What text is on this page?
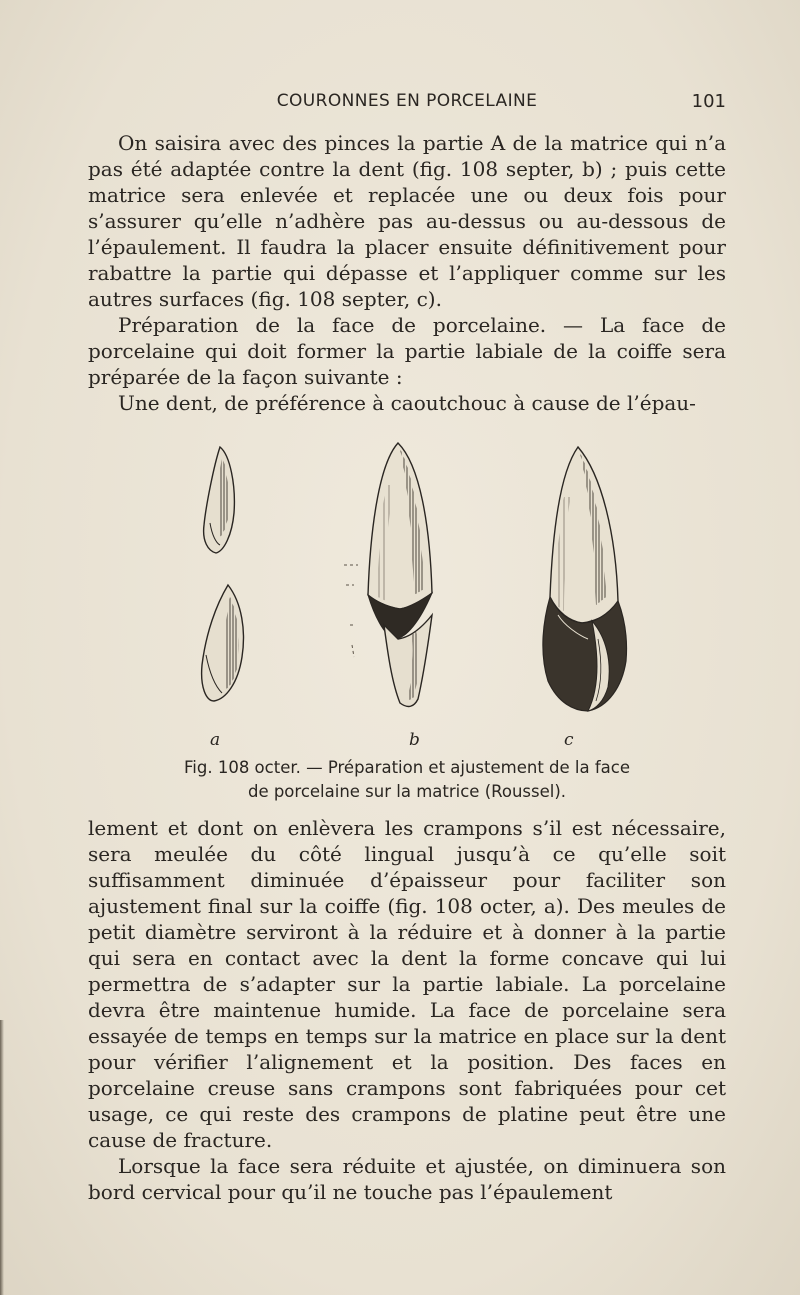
COURONNES EN PORCELAINE	101

On saisira avec des pinces la partie A de la matrice qui n’a pas été adaptée contre la dent (fig. 108 septer, b) ; puis cette matrice sera enlevée et replacée une ou deux fois pour s’assurer qu’elle n’adhère pas au-dessus ou au-dessous de l’épaulement. Il faudra la placer ensuite définitivement pour rabattre la partie qui dépasse et l’appliquer comme sur les autres surfaces (fig. 108 septer, c).

Préparation de la face de porcelaine. — La face de porcelaine qui doit former la partie labiale de la coiffe sera préparée de la façon suivante :

Une dent, de préférence à caoutchouc à cause de l’épau-

a	b	c
Fig. 108 octer. — Préparation et ajustement de la face
de porcelaine sur la matrice (Roussel).

lement et dont on enlèvera les crampons s’il est nécessaire, sera meulée du côté lingual jusqu’à ce qu’elle soit suffisamment diminuée d’épaisseur pour faciliter son ajustement final sur la coiffe (fig. 108 octer, a). Des meules de petit diamètre serviront à la réduire et à donner à la partie qui sera en contact avec la dent la forme concave qui lui permettra de s’adapter sur la partie labiale. La porcelaine devra être maintenue humide. La face de porcelaine sera essayée de temps en temps sur la matrice en place sur la dent pour vérifier l’alignement et la position. Des faces en porcelaine creuse sans crampons sont fabriquées pour cet usage, ce qui reste des crampons de platine peut être une cause de fracture.

Lorsque la face sera réduite et ajustée, on diminuera son bord cervical pour qu’il ne touche pas l’épaulement
